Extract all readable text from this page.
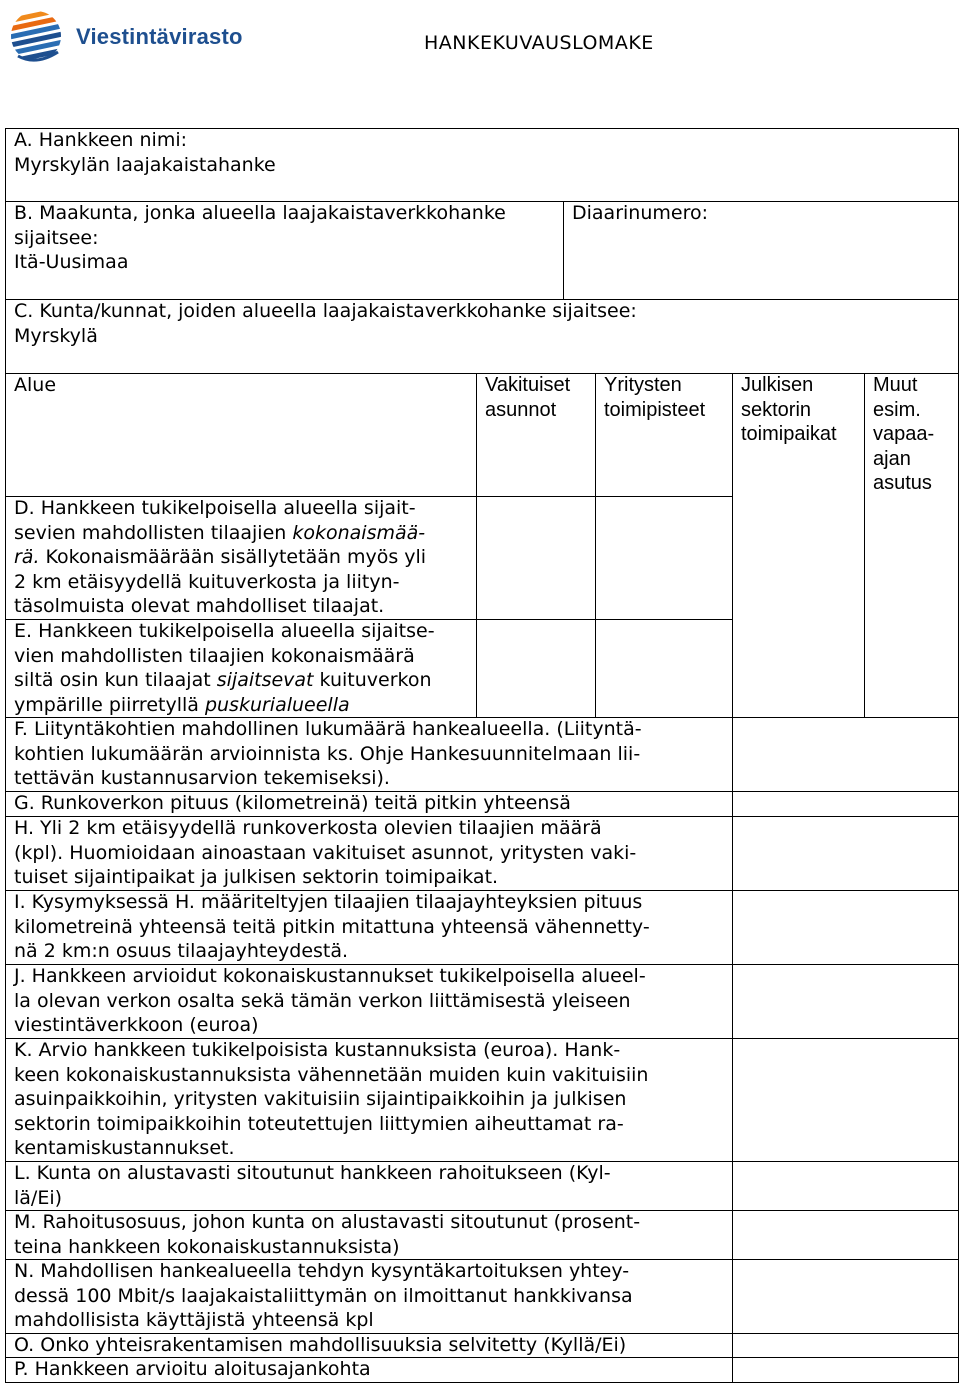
Viestintävirasto	HANKEKUVAUSLOMAKE
A. Hankkeen nimi:
Myrskylän laajakaistahanke
B. Maakunta, jonka alueella laajakaistaverkkohanke
sijaitsee:
Itä-Uusimaa
Diaarinumero:
C. Kunta/kunnat, joiden alueella laajakaistaverkkohanke sijaitsee:
Myrskylä
Alue	Vakituiset
asunnot
Yritysten
toimipisteet
Julkisen
sektorin
toimipaikat
Muut
esim.
vapaa-
ajan
asutus
D. Hankkeen tukikelpoisella alueella sijait-
sevien mahdollisten tilaajien kokonaismää-
rä. Kokonaismäärään sisällytetään myös yli
2 km etäisyydellä kuituverkosta ja liityn-
täsolmuista olevat mahdolliset tilaajat.
E. Hankkeen tukikelpoisella alueella sijaitse-
vien mahdollisten tilaajien kokonaismäärä
siltä osin kun tilaajat sijaitsevat kuituverkon
ympärille piirretyllä puskurialueella
F. Liityntäkohtien mahdollinen lukumäärä hankealueella. (Liityntä-
kohtien lukumäärän arvioinnista ks. Ohje Hankesuunnitelmaan lii-
tettävän kustannusarvion tekemiseksi).
G. Runkoverkon pituus (kilometreinä) teitä pitkin yhteensä
H. Yli 2 km etäisyydellä runkoverkosta olevien tilaajien määrä
(kpl). Huomioidaan ainoastaan vakituiset asunnot, yritysten vaki-
tuiset sijaintipaikat ja julkisen sektorin toimipaikat.
I. Kysymyksessä H. määriteltyjen tilaajien tilaajayhteyksien pituus
kilometreinä yhteensä teitä pitkin mitattuna yhteensä vähennetty-
nä 2 km:n osuus tilaajayhteydestä.
J. Hankkeen arvioidut kokonaiskustannukset tukikelpoisella alueel-
la olevan verkon osalta sekä tämän verkon liittämisestä yleiseen
viestintäverkkoon (euroa)
K. Arvio hankkeen tukikelpoisista kustannuksista (euroa). Hank-
keen kokonaiskustannuksista vähennetään muiden kuin vakituisiin
asuinpaikkoihin, yritysten vakituisiin sijaintipaikkoihin ja julkisen
sektorin toimipaikkoihin toteutettujen liittymien aiheuttamat ra-
kentamiskustannukset.
L. Kunta on alustavasti sitoutunut hankkeen rahoitukseen (Kyl-
lä/Ei)
M. Rahoitusosuus, johon kunta on alustavasti sitoutunut (prosent-
teina hankkeen kokonaiskustannuksista)
N. Mahdollisen hankealueella tehdyn kysyntäkartoituksen yhtey-
dessä 100 Mbit/s laajakaistaliittymän on ilmoittanut hankkivansa
mahdollisista käyttäjistä yhteensä kpl
O. Onko yhteisrakentamisen mahdollisuuksia selvitetty (Kyllä/Ei)
P. Hankkeen arvioitu aloitusajankohta
